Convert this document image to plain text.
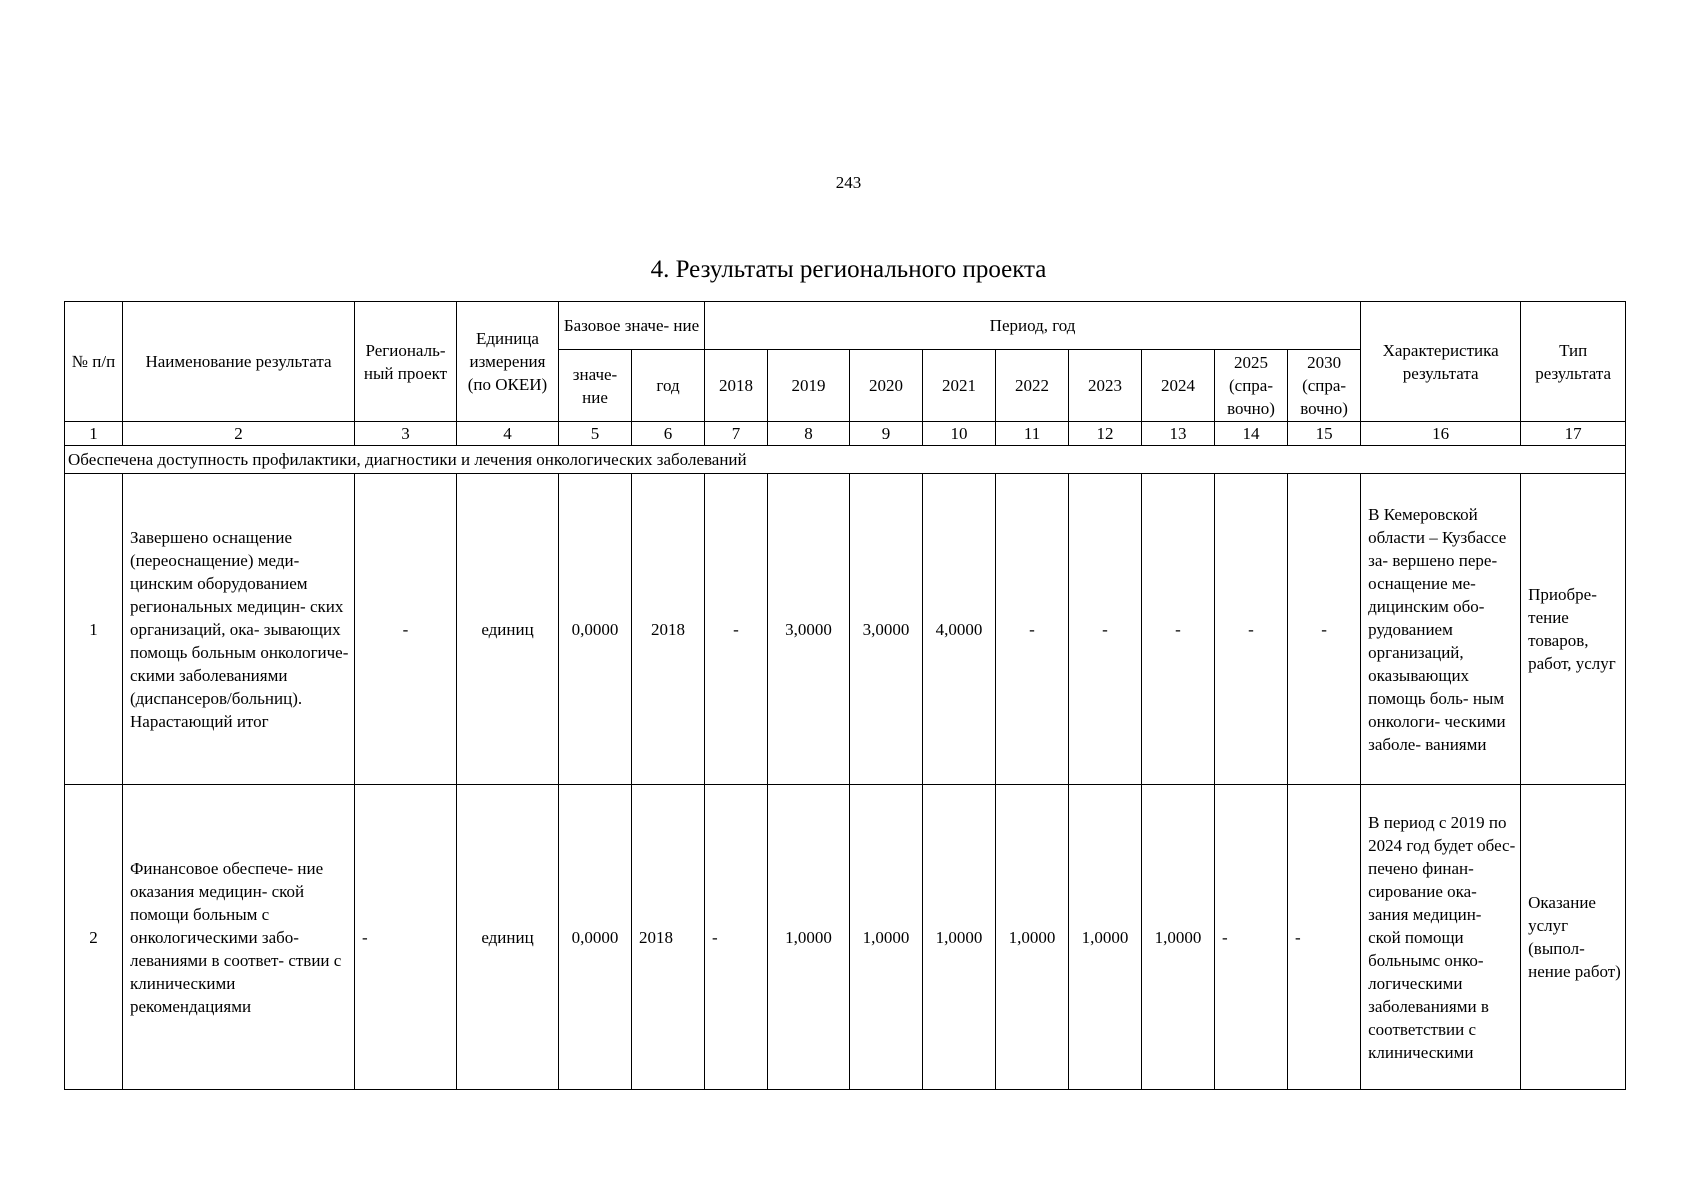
243
4. Результаты регионального проекта
№ п/п	Наименование результата	Региональ- ный проект	Единица измерения (по ОКЕИ)	Базовое значе- ние		Период, год									Характеристика результата	Тип результата
				значе- ние	год	2018	2019	2020	2021	2022	2023	2024	2025 (спра- вочно)	2030 (спра- вочно)		
1	2	3	4	5	6	7	8	9	10	11	12	13	14	15	16	17
Обеспечена доступность профилактики, диагностики и лечения онкологических заболеваний																
1	Завершено оснащение (переоснащение) меди- цинским оборудованием региональных медицин- ских организаций, ока- зывающих помощь больным онкологиче- скими заболеваниями (диспансеров/больниц). Нарастающий итог	-	единиц	0,0000	2018	-	3,0000	3,0000	4,0000	-	-	-	-	-	В Кемеровской области – Кузбассе за- вершено пере- оснащение ме- дицинским обо- рудованием организаций, оказывающих помощь боль- ным онкологи- ческими заболе- ваниями	Приобре- тение товаров, работ, услуг
2	Финансовое обеспече- ние оказания медицин- ской помощи больным с онкологическими забо- леваниями в соответ- ствии с клиническими рекомендациями	-	единиц	0,0000	2018	-	1,0000	1,0000	1,0000	1,0000	1,0000	1,0000	-	-	В период с 2019 по 2024 год будет обес- печено финан- сирование ока- зания медицин- ской помощи больнымс онко- логическими заболеваниями в соответствии с клиническими	Оказание услуг (выпол- нение работ)
